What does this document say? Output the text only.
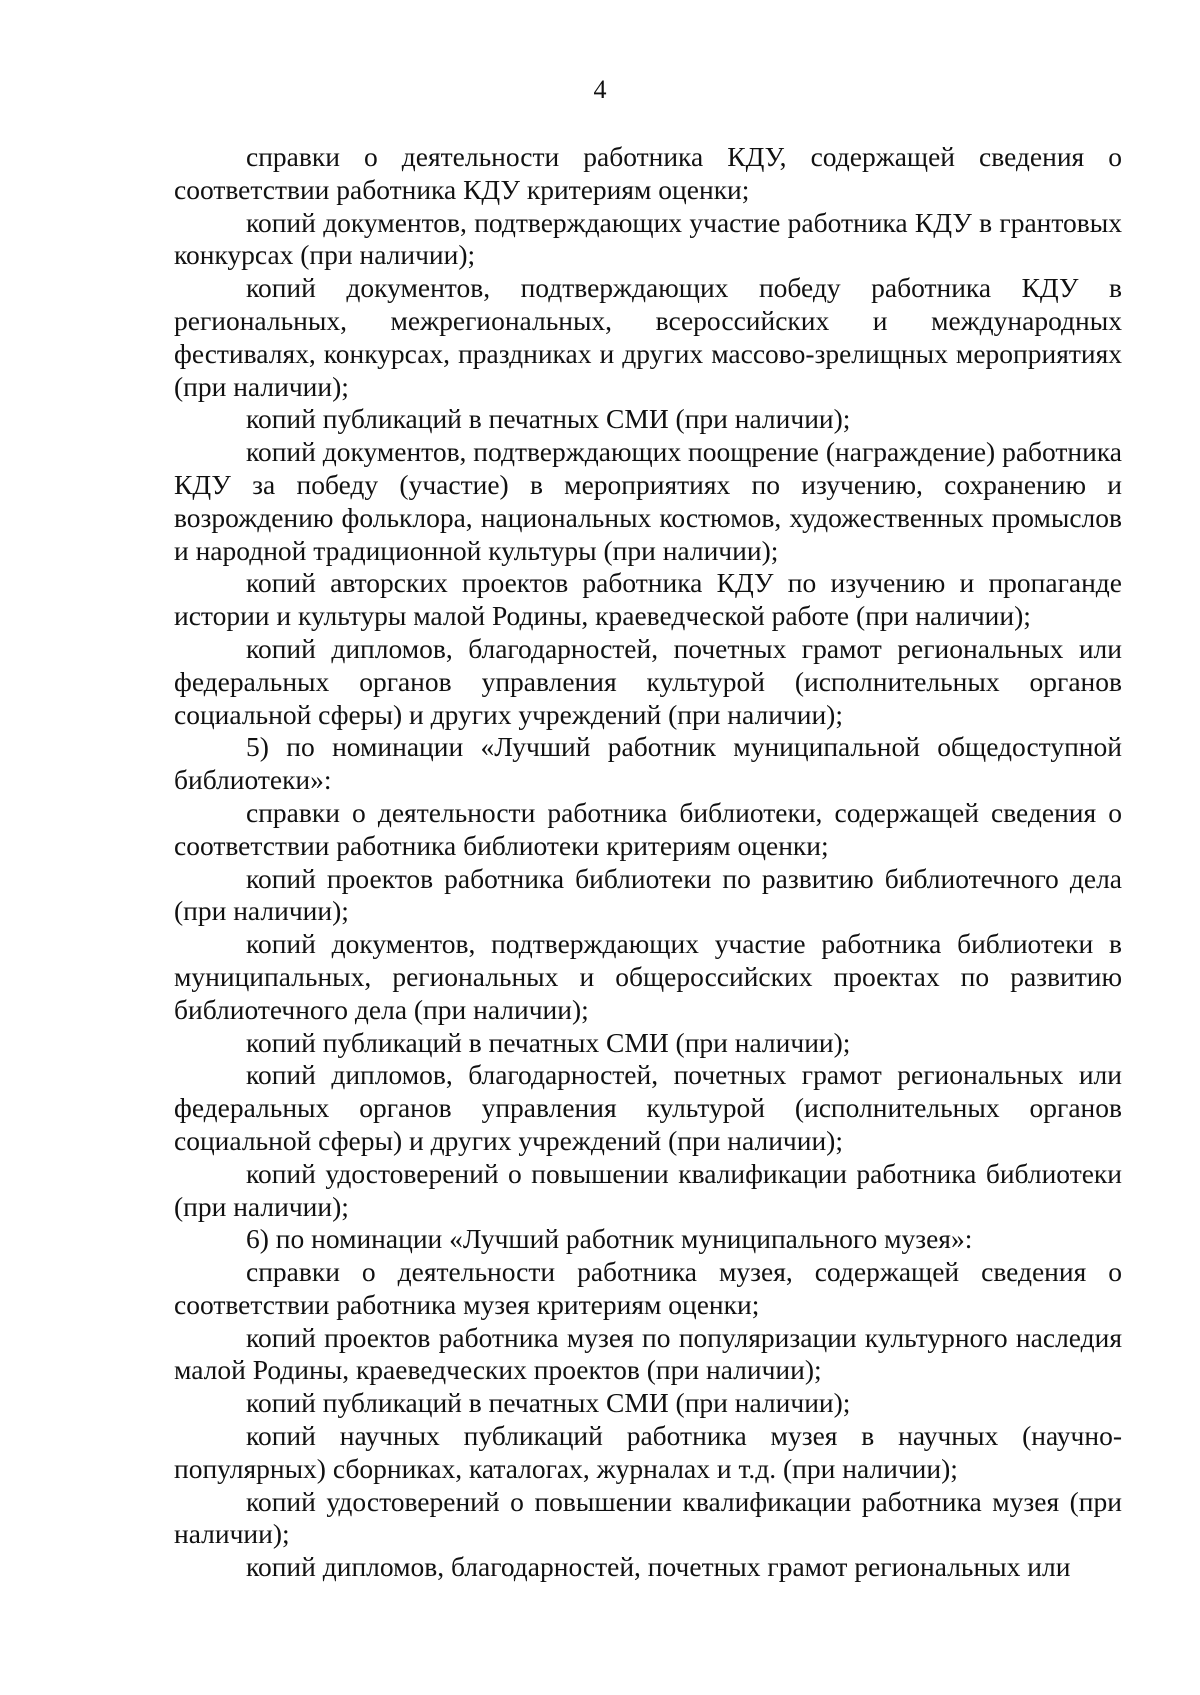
4

справки о деятельности работника КДУ, содержащей сведения о соответствии работника КДУ критериям оценки;

копий документов, подтверждающих участие работника КДУ в грантовых конкурсах (при наличии);

копий документов, подтверждающих победу работника КДУ в региональных, межрегиональных, всероссийских и международных фестивалях, конкурсах, праздниках и других массово-зрелищных мероприятиях (при наличии);

копий публикаций в печатных СМИ (при наличии);

копий документов, подтверждающих поощрение (награждение) работника КДУ за победу (участие) в мероприятиях по изучению, сохранению и возрождению фольклора, национальных костюмов, художественных промыслов и народной традиционной культуры (при наличии);

копий авторских проектов работника КДУ по изучению и пропаганде истории и культуры малой Родины, краеведческой работе (при наличии);

копий дипломов, благодарностей, почетных грамот региональных или федеральных органов управления культурой (исполнительных органов социальной сферы) и других учреждений (при наличии);

5) по номинации «Лучший работник муниципальной общедоступной библиотеки»:

справки о деятельности работника библиотеки, содержащей сведения о соответствии работника библиотеки критериям оценки;

копий проектов работника библиотеки по развитию библиотечного дела (при наличии);

копий документов, подтверждающих участие работника библиотеки в муниципальных, региональных и общероссийских проектах по развитию библиотечного дела (при наличии);

копий публикаций в печатных СМИ (при наличии);

копий дипломов, благодарностей, почетных грамот региональных или федеральных органов управления культурой (исполнительных органов социальной сферы) и других учреждений (при наличии);

копий удостоверений о повышении квалификации работника библиотеки (при наличии);

6) по номинации «Лучший работник муниципального музея»:

справки о деятельности работника музея, содержащей сведения о соответствии работника музея критериям оценки;

копий проектов работника музея по популяризации культурного наследия малой Родины, краеведческих проектов (при наличии);

копий публикаций в печатных СМИ (при наличии);

копий научных публикаций работника музея в научных (научно-популярных) сборниках, каталогах, журналах и т.д. (при наличии);

копий удостоверений о повышении квалификации работника музея (при наличии);

копий дипломов, благодарностей, почетных грамот региональных или
